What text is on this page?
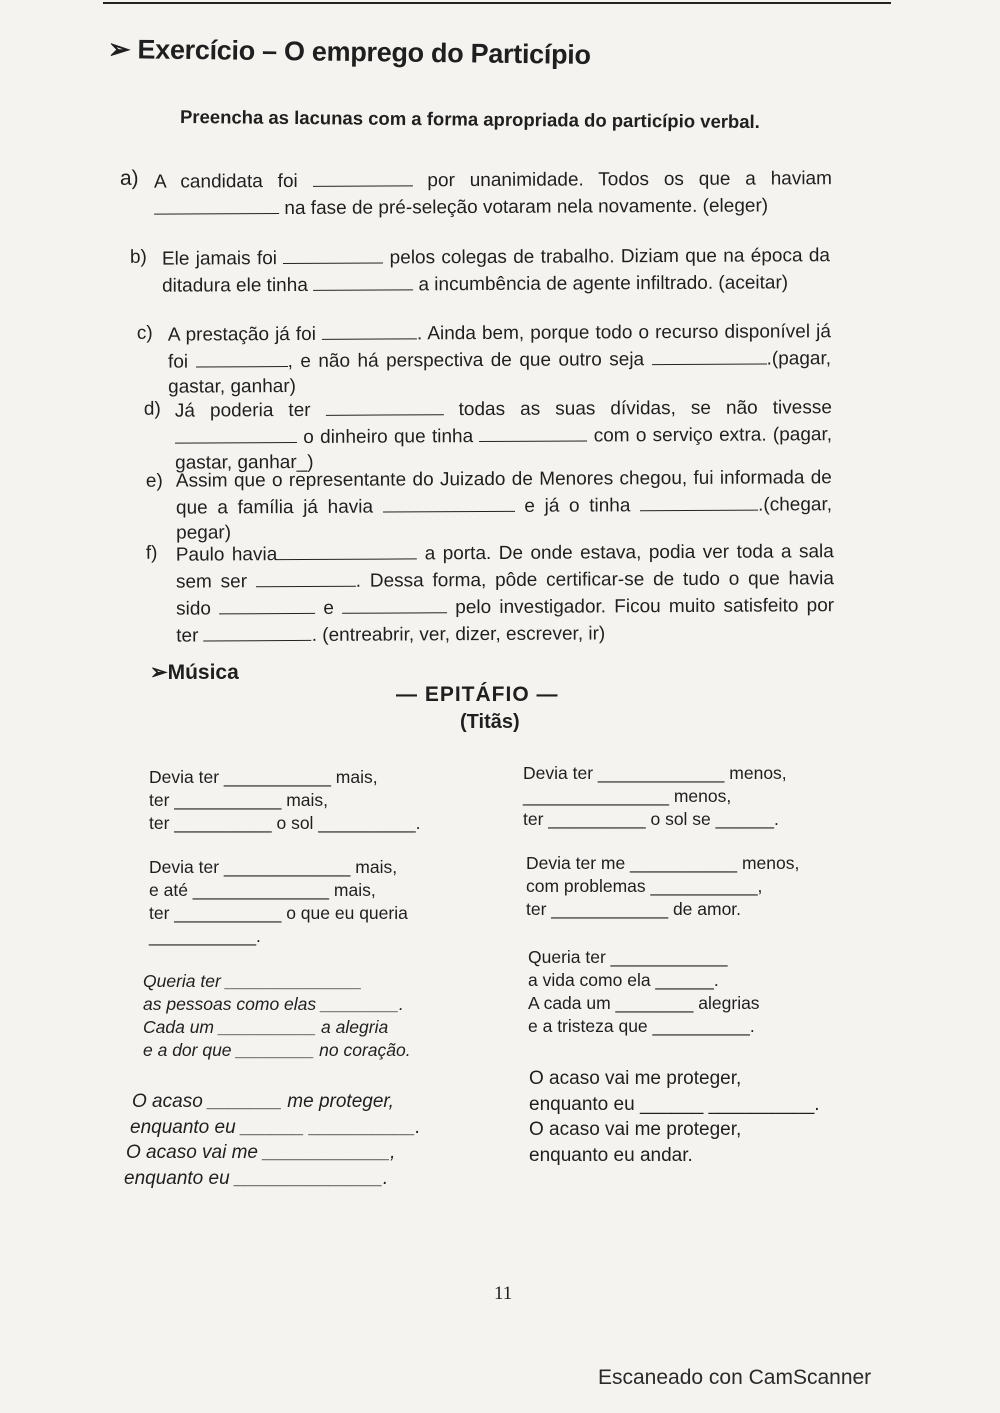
➢ Exercício – O emprego do Particípio
Preencha as lacunas com a forma apropriada do particípio verbal.
a) A candidata foi	por unanimidade. Todos os que a haviam  na fase de pré-seleção votaram nela novamente. (eleger)

b) Ele jamais foi	pelos colegas de trabalho. Diziam que na época da ditadura ele tinha	a incumbência de agente infiltrado. (aceitar)

c) A prestação já foi	. Ainda bem, porque todo o recurso disponível já foi	, e não há perspectiva de que outro seja	.(pagar, gastar, ganhar)

d) Já poderia ter	todas as suas dívidas, se não tivesse  o dinheiro que tinha	com o serviço extra. (pagar, gastar, ganhar_)

e) Assim que o representante do Juizado de Menores chegou, fui informada de que a família já havia	e já o tinha	.(chegar, pegar)

f) Paulo havia	a porta. De onde estava, podia ver toda a sala sem ser	. Dessa forma, pôde certificar-se de tudo o que havia sido	e	pelo investigador. Ficou muito satisfeito por ter	. (entreabrir, ver, dizer, escrever, ir)

➢Música
— EPITÁFIO —
(Titãs)
Devia ter ___________ mais,
ter ___________ mais,
ter __________ o sol __________.
Devia ter _____________ mais,
e até ______________ mais,
ter ___________ o que eu queria
___________.
Queria ter ______________
as pessoas como elas ________.
Cada um __________ a alegria
e a dor que ________ no coração.
O acaso _______ me proteger,
enquanto eu ______ __________.
O acaso vai me ____________,
enquanto eu ______________.
Devia ter _____________ menos,
_______________ menos,
ter __________ o sol se ______.
Devia ter me ___________ menos,
com problemas ___________,
ter ____________ de amor.
Queria ter ____________
a vida como ela ______.
A cada um ________ alegrias
e a tristeza que __________.
O acaso vai me proteger,
enquanto eu ______ __________.
O acaso vai me proteger,
enquanto eu andar.
11
Escaneado con CamScanner
